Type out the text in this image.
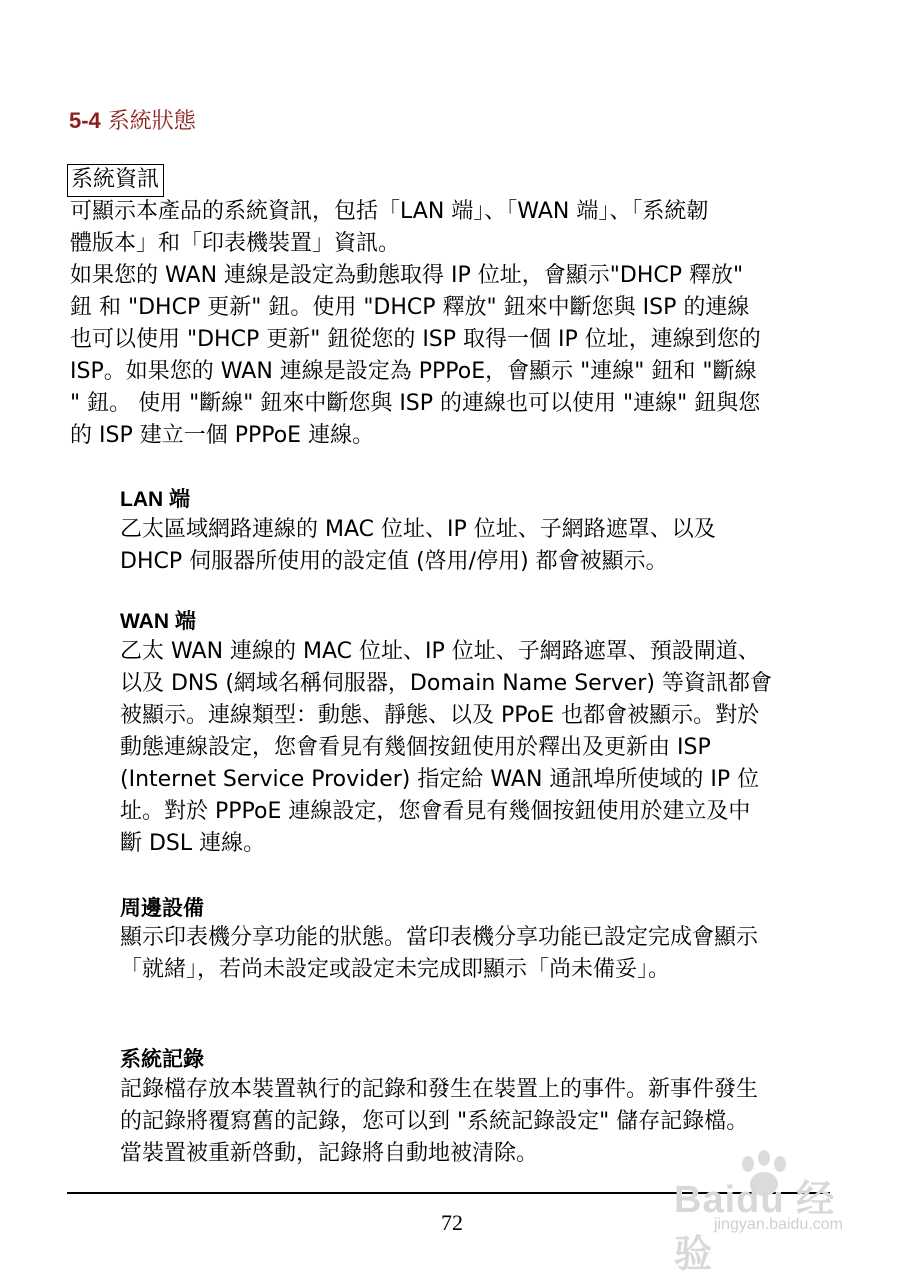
5-4 系統狀態
系統資訊

可顯示本產品的系統資訊，包括「LAN 端」、「WAN 端」、「系統韌
體版本」和「印表機裝置」資訊。
如果您的 WAN 連線是設定為動態取得 IP 位址，會顯示"DHCP 釋放"
鈕 和 "DHCP 更新" 鈕。使用 "DHCP 釋放" 鈕來中斷您與 ISP 的連線
也可以使用 "DHCP 更新" 鈕從您的 ISP 取得一個 IP 位址，連線到您的
ISP。如果您的 WAN 連線是設定為 PPPoE，會顯示 "連線" 鈕和 "斷線
" 鈕。 使用 "斷線" 鈕來中斷您與 ISP 的連線也可以使用 "連線" 鈕與您
的 ISP 建立一個 PPPoE 連線。

LAN 端

乙太區域網路連線的 MAC 位址、IP 位址、子網路遮罩、以及
DHCP 伺服器所使用的設定值 (啓用/停用) 都會被顯示。

WAN 端

乙太 WAN 連線的 MAC 位址、IP 位址、子網路遮罩、預設閘道、
以及 DNS (網域名稱伺服器，Domain Name Server) 等資訊都會
被顯示。連線類型：動態、靜態、以及 PPoE 也都會被顯示。對於
動態連線設定，您會看見有幾個按鈕使用於釋出及更新由 ISP
(Internet Service Provider) 指定給 WAN 通訊埠所使域的 IP 位
址。對於 PPPoE 連線設定，您會看見有幾個按鈕使用於建立及中
斷 DSL 連線。

周邊設備

顯示印表機分享功能的狀態。當印表機分享功能已設定完成會顯示
「就緒」，若尚未設定或設定未完成即顯示「尚未備妥」。

系統記錄

記錄檔存放本裝置執行的記錄和發生在裝置上的事件。新事件發生
的記錄將覆寫舊的記錄，您可以到 "系統記錄設定" 儲存記錄檔。
當裝置被重新啓動，記錄將自動地被清除。

72
Baidu 经验
jingyan.baidu.com
